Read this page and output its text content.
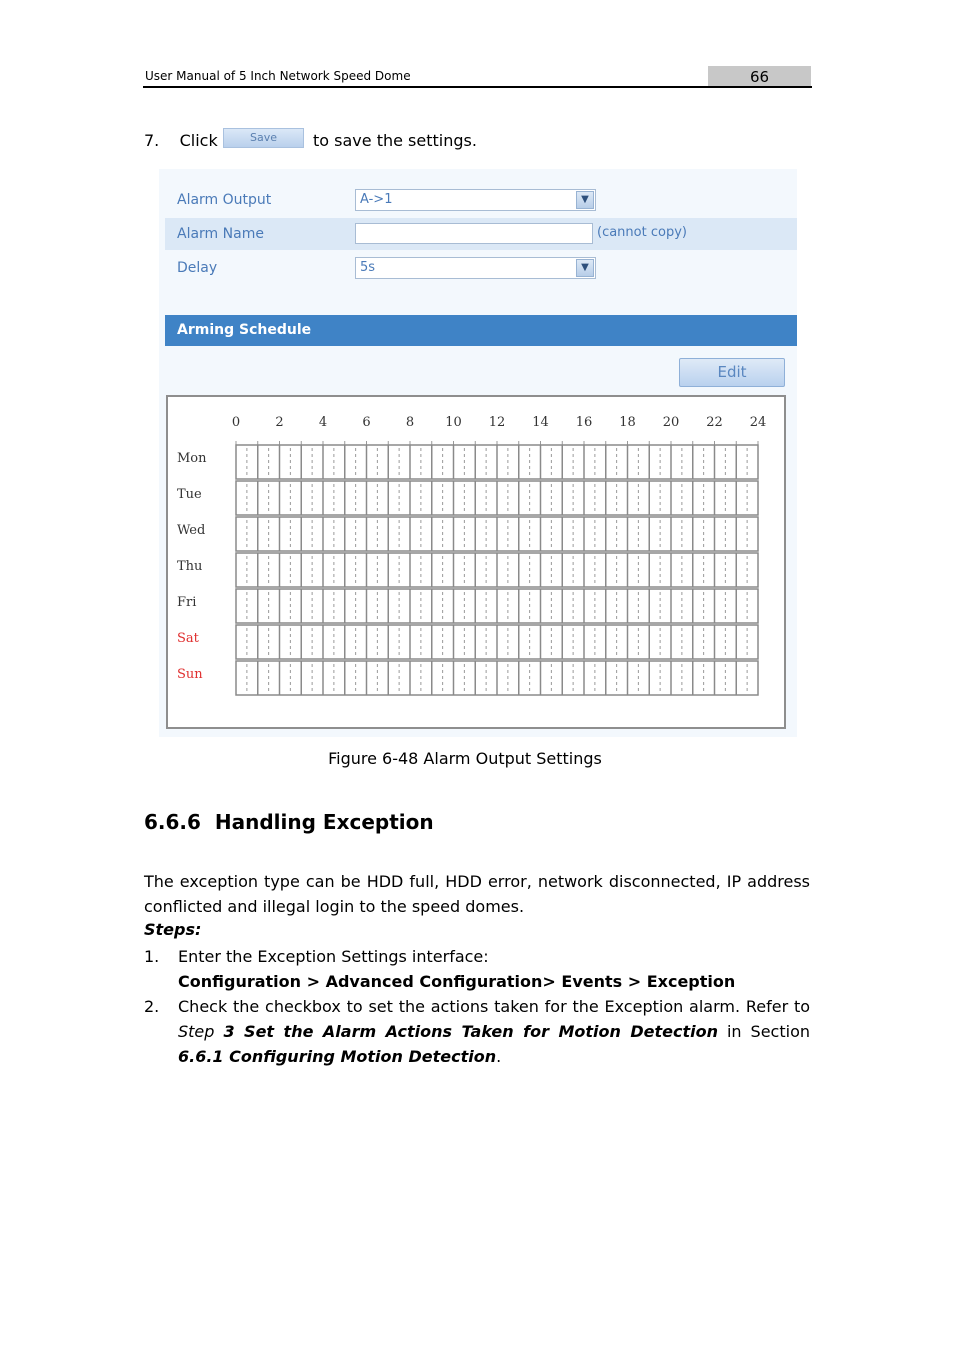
User Manual of 5 Inch Network Speed Dome	66
7. Click	Save	to save the settings.
Alarm Output	A->1	▼
Alarm Name	(cannot copy)
Delay	5s	▼
Arming Schedule
Edit
0	2	4	6	8	10	12	14	16	18	20	22	24
Mon
Tue
Wed
Thu
Fri
Sat
Sun
Figure 6-48 Alarm Output Settings
6.6.6 Handling Exception
The exception type can be HDD full, HDD error, network disconnected, IP address conflicted and illegal login to the speed domes.
Steps:
1. Enter the Exception Settings interface:
Configuration > Advanced Configuration> Events > Exception
2. Check the checkbox to set the actions taken for the Exception alarm. Refer to Step 3 Set the Alarm Actions Taken for Motion Detection in Section 6.6.1 Configuring Motion Detection.
